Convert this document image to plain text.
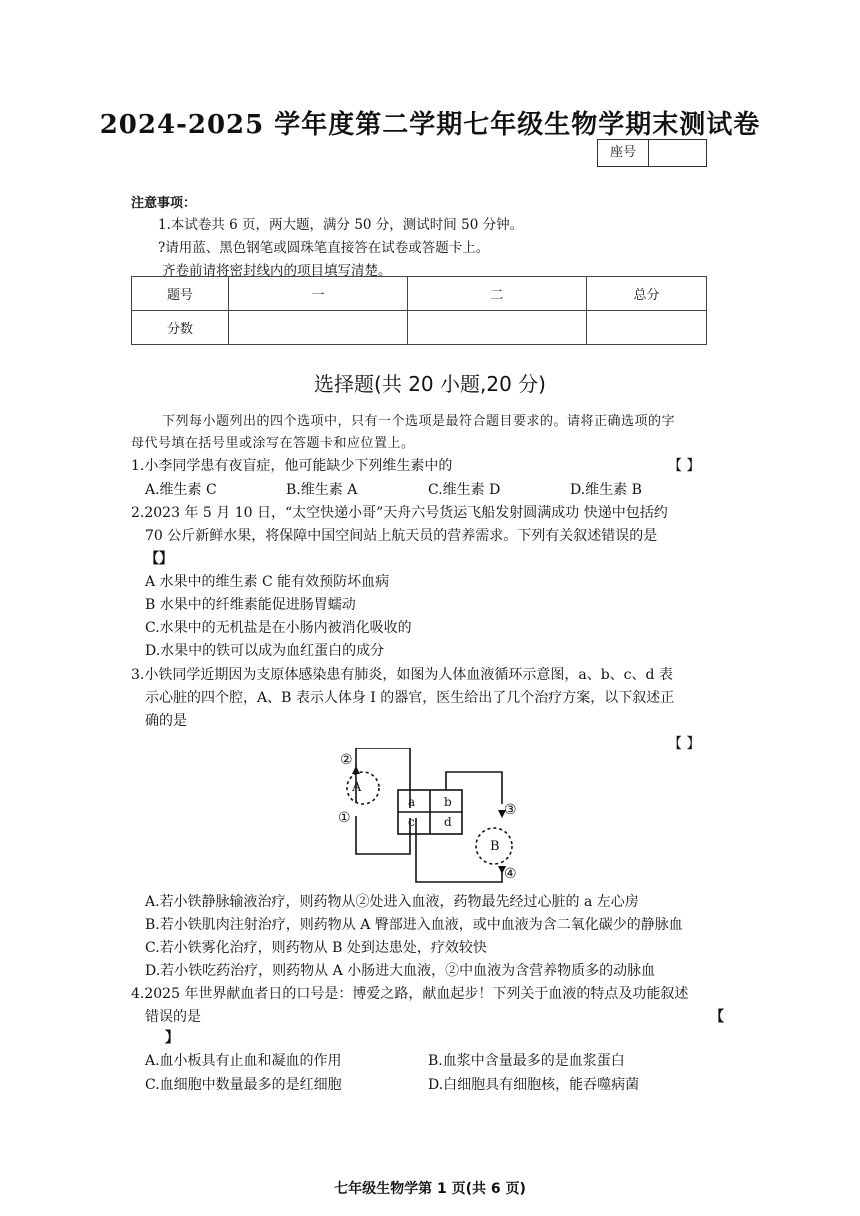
2024-2025 学年度第二学期七年级生物学期末测试卷
座号
注意事项：
1.本试卷共 6 页，两大题，满分 50 分，测试时间 50 分钟。
?请用蓝、黑色钢笔或圆珠笔直接答在试卷或答题卡上。
齐卷前请将密封线内的项目填写清楚。
题号	一	二	总分
分数			
选择题(共 20 小题,20 分)
下列每小题列出的四个选项中，只有一个选项是最符合题目要求的。请将正确选项的字
母代号填在括号里或涂写在答题卡和应位置上。
1.小李同学患有夜盲症，他可能缺少下列维生素中的	【 】
A.维生素 C	B.维生素 A	C.维生素 D	D.维生素 B
2.2023 年 5 月 10 日，“太空快递小哥”天舟六号货运飞船发射圆满成功 快递中包括约
70 公斤新鲜水果，将保障中国空间站上航天员的营养需求。下列有关叙述错误的是
【】
A 水果中的维生素 C 能有效预防坏血病
B 水果中的纤维素能促进肠胃蠕动
C.水果中的无机盐是在小肠内被消化吸收的
D.水果中的铁可以成为血红蛋白的成分
3.小铁同学近期因为支原体感染患有肺炎，如图为人体血液循环示意图，a、b、c、d 表
示心脏的四个腔，A、B 表示人体身 I 的器官，医生给出了几个治疗方案，以下叙述正
确的是
【 】
A
B
a b
c d
②
①	③
④
A.若小铁静脉输液治疗，则药物从②处进入血液，药物最先经过心脏的 a 左心房
B.若小铁肌肉注射治疗，则药物从 A 臀部进入血液，或中血液为含二氧化碳少的静脉血
C.若小铁雾化治疗，则药物从 B 处到达患处，疗效较快
D.若小铁吃药治疗，则药物从 A 小肠进大血液，②中血液为含营养物质多的动脉血
4.2025 年世界献血者日的口号是：博爱之路，献血起步！下列关于血液的特点及功能叙述
错误的是	【
】
A.血小板具有止血和凝血的作用	B.血浆中含量最多的是血浆蛋白
C.血细胞中数量最多的是红细胞	D.白细胞具有细胞核，能吞噬病菌
七年级生物学第 1 页(共 6 页)
